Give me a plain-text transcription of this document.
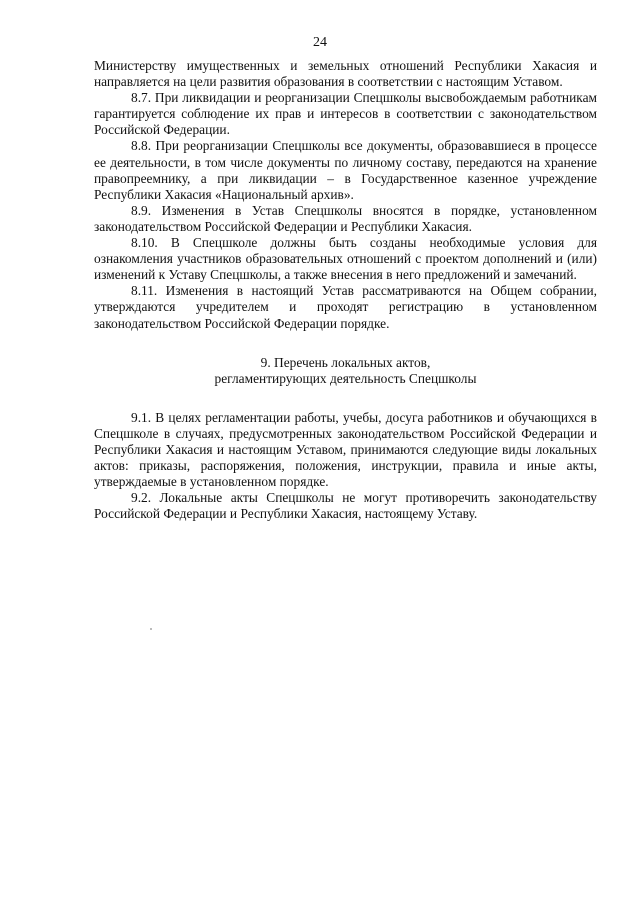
24

Министерству имущественных и земельных отношений Республики Хакасия и направляется на цели развития образования в соответствии с настоящим Уставом.

8.7. При ликвидации и реорганизации Спецшколы высвобождаемым работникам гарантируется соблюдение их прав и интересов в соответствии с законодательством Российской Федерации.

8.8. При реорганизации Спецшколы все документы, образовавшиеся в процессе ее деятельности, в том числе документы по личному составу, передаются на хранение правопреемнику, а при ликвидации – в Государственное казенное учреждение Республики Хакасия «Национальный архив».

8.9. Изменения в Устав Спецшколы вносятся в порядке, установленном законодательством Российской Федерации и Республики Хакасия.

8.10. В Спецшколе должны быть созданы необходимые условия для ознакомления участников образовательных отношений с проектом дополнений и (или) изменений к Уставу Спецшколы, а также внесения в него предложений и замечаний.

8.11. Изменения в настоящий Устав рассматриваются на Общем собрании, утверждаются учредителем и проходят регистрацию в установленном законодательством Российской Федерации порядке.

9. Перечень локальных актов,
регламентирующих деятельность Спецшколы

9.1. В целях регламентации работы, учебы, досуга работников и обучающихся в Спецшколе в случаях, предусмотренных законодательством Российской Федерации и Республики Хакасия и настоящим Уставом, принимаются следующие виды локальных актов: приказы, распоряжения, положения, инструкции, правила и иные акты, утверждаемые в установленном порядке.

9.2. Локальные акты Спецшколы не могут противоречить законодательству Российской Федерации и Республики Хакасия, настоящему Уставу.
